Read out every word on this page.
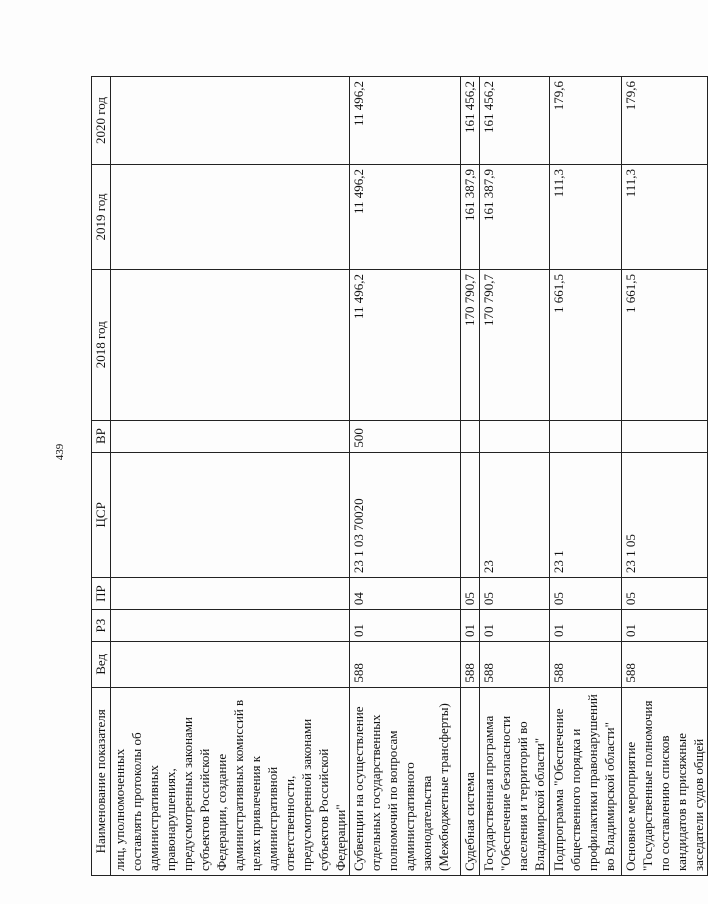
439
Наименование показателя	Вед	РЗ	ПР	ЦСР	ВР	2018 год	2019 год	2020 год
лиц, уполномоченных составлять протоколы об административных правонарушениях, предусмотренных законами субъектов Российской Федерации, создание административных комиссий в целях привлечения к административной ответственности, предусмотренной законами субъектов Российской Федерации"								
Субвенции на осуществление отдельных государственных полномочий по вопросам административного законодательства (Межбюджетные трансферты)	588	01	04	23 1 03 70020	500	11 496,2	11 496,2	11 496,2
Судебная система	588	01	05			170 790,7	161 387,9	161 456,2
Государственная программа "Обеспечение безопасности населения и территорий во Владимирской области"	588	01	05	23		170 790,7	161 387,9	161 456,2
Подпрограмма "Обеспечение общественного порядка и профилактики правонарушений во Владимирской области"	588	01	05	23 1		1 661,5	111,3	179,6
Основное мероприятие "Государственные полномочия по составлению списков кандидатов в присяжные заседатели судов общей	588	01	05	23 1 05		1 661,5	111,3	179,6
